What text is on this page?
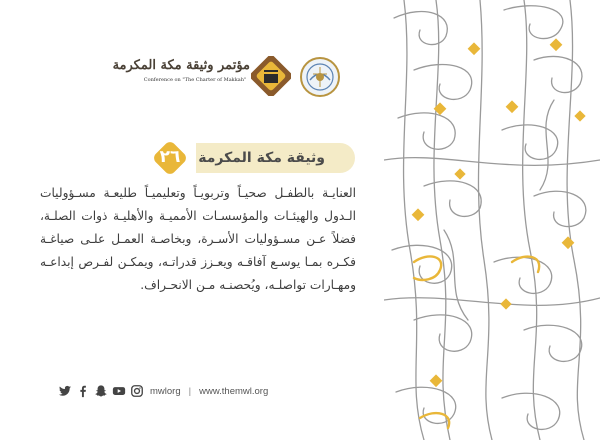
مؤتمر وثيقة مكة المكرمة
Conference on "The Charter of Makkah"
وثيقة مكة المكرمة
٢٦

العنايـة بالطفـل صحيـاً وتربويـاً وتعليميـاً طليعـة مسـؤوليات الـدول والهيئـات والمؤسسـات الأمميـة والأهليـة ذوات الصلـة، فضلاً عـن مسـؤوليات الأسـرة، وبخاصـة العمـل علـى صياغـة فكـره بمـا يوسـع آفاقـه ويعـزز قدراتـه، ويمكـن لفـرص إبداعـه ومهـارات تواصلـه، ويُحصنـه مـن الانحـراف.

mwlorg | www.themwl.org
